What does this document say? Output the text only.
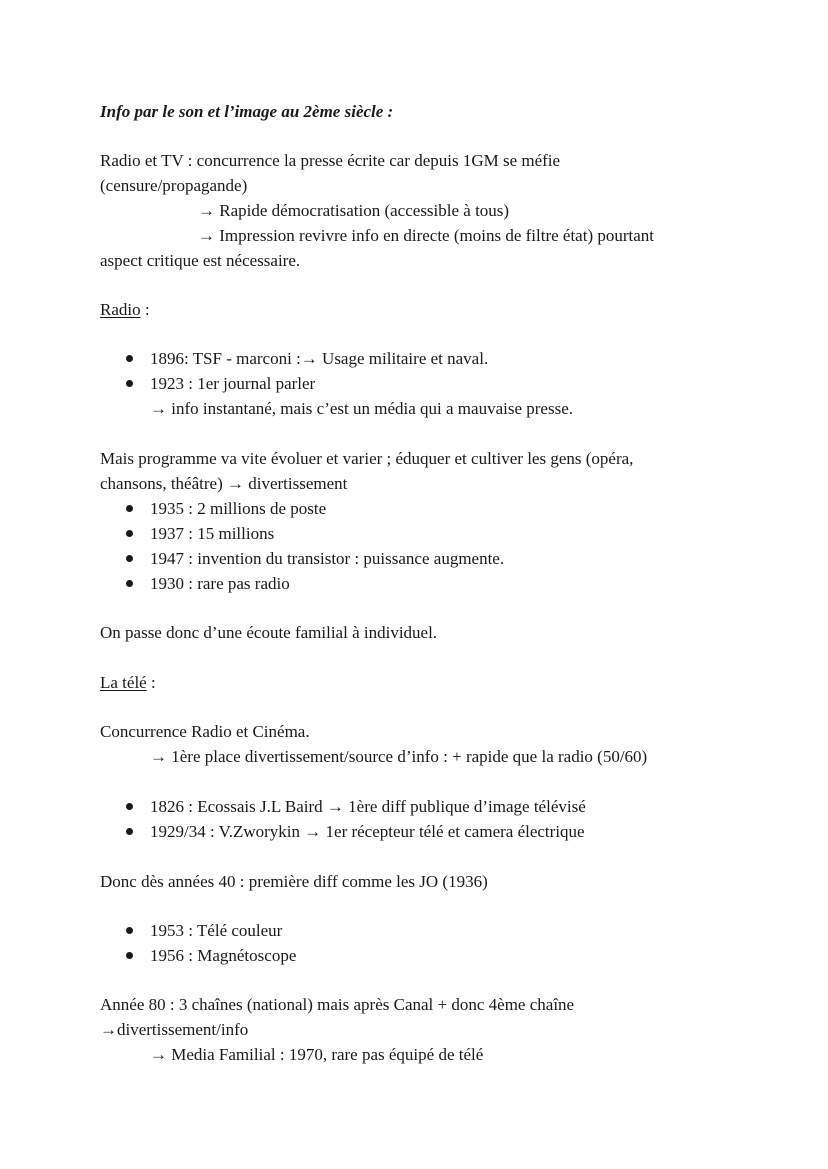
Info par le son et l’image au 2ème siècle :
Radio et TV : concurrence la presse écrite car depuis 1GM se méfie
(censure/propagande)
→ Rapide démocratisation (accessible à tous)
→ Impression revivre info en directe (moins de filtre état) pourtant
aspect critique est nécessaire.
Radio :
1896: TSF - marconi :→ Usage militaire et naval.
1923 : 1er journal parler
→ info instantané, mais c’est un média qui a mauvaise presse.
Mais programme va vite évoluer et varier ; éduquer et cultiver les gens (opéra,
chansons, théâtre) → divertissement
1935 : 2 millions de poste
1937 : 15 millions
1947 : invention du transistor : puissance augmente.
1930 : rare pas radio
On passe donc d’une écoute familial à individuel.
La télé :
Concurrence Radio et Cinéma.
→ 1ère place divertissement/source d’info : + rapide que la radio (50/60)
1826 : Ecossais J.L Baird → 1ère diff publique d’image télévisé
1929/34 : V.Zworykin → 1er récepteur télé et camera électrique
Donc dès années 40 : première diff comme les JO (1936)
1953 : Télé couleur
1956 : Magnétoscope
Année 80 : 3 chaînes (national) mais après Canal + donc 4ème chaîne
→divertissement/info
→ Media Familial : 1970, rare pas équipé de télé
